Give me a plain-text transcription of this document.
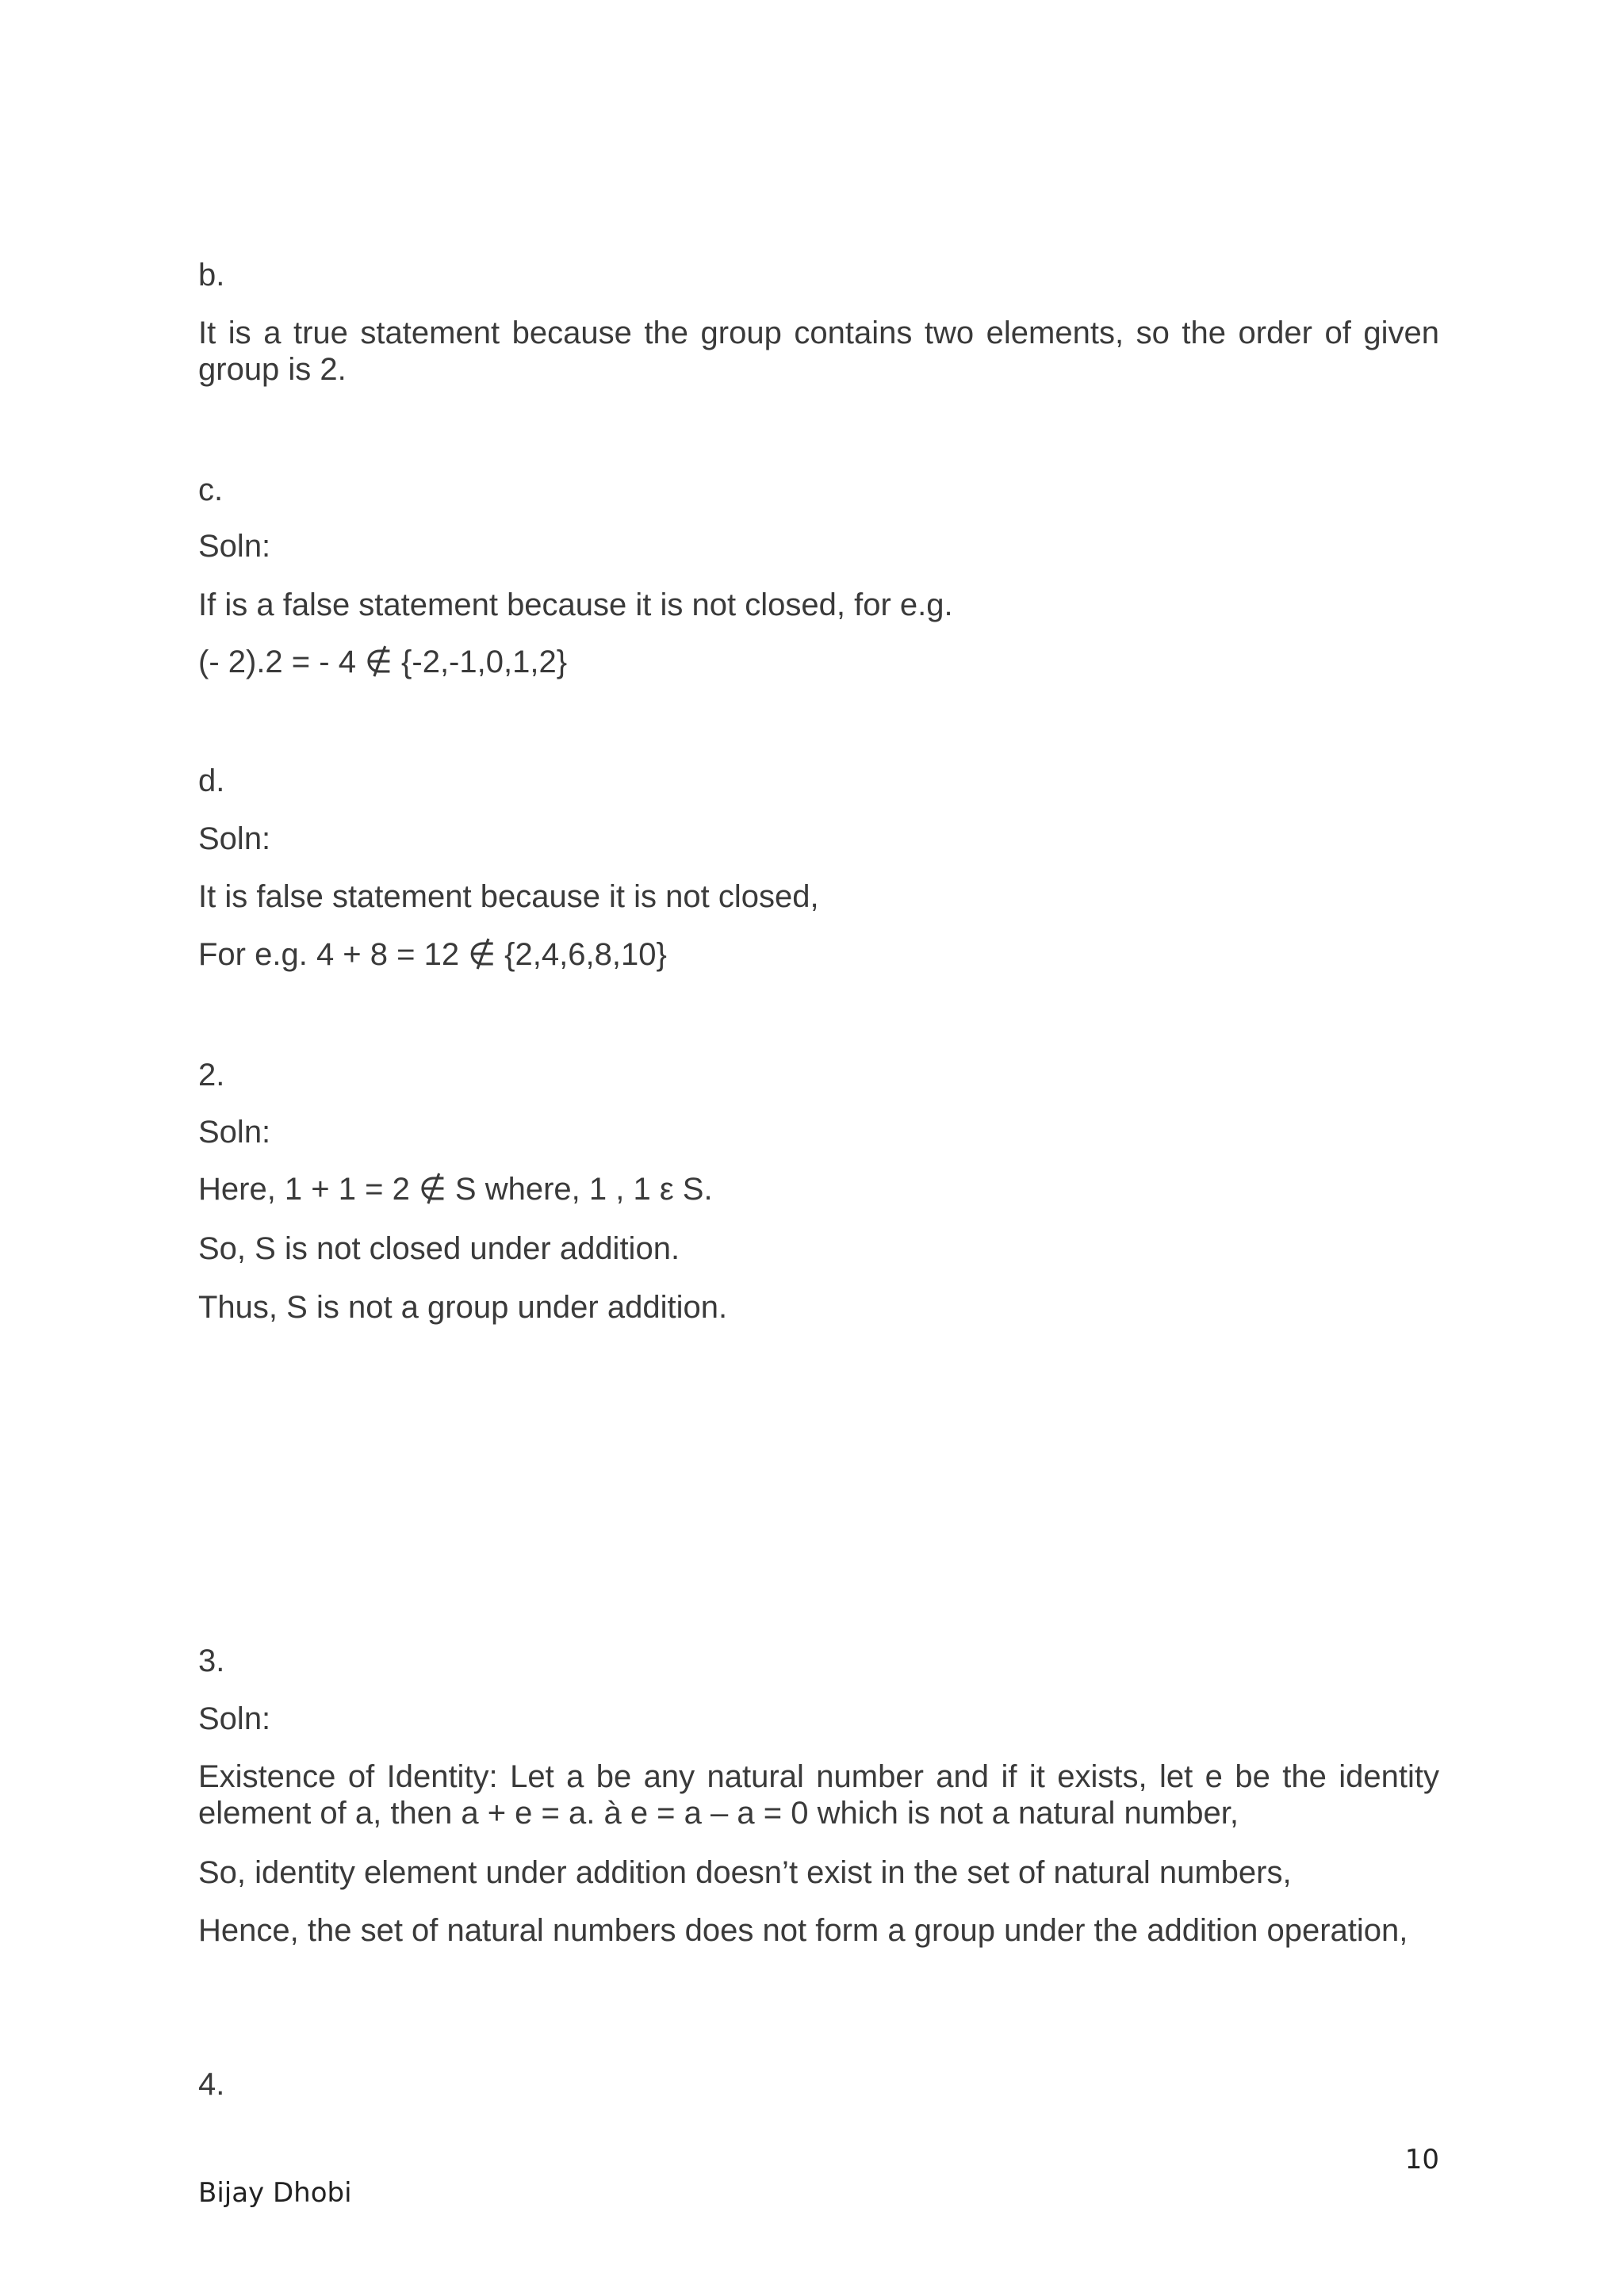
b.
It is a true statement because the group contains two elements, so the order of given group is 2.
c.
Soln:
If is a false statement because it is not closed, for e.g.
(- 2).2 = - 4 ∉ {-2,-1,0,1,2}
d.
Soln:
It is false statement because it is not closed,
For e.g. 4 + 8 = 12 ∉ {2,4,6,8,10}
2.
Soln:
Here, 1 + 1 = 2 ∉ S where, 1 , 1 ε S.
So, S is not closed under addition.
Thus, S is not a group under addition.
3.
Soln:
Existence of Identity: Let a be any natural number and if it exists, let e be the identity element of a, then a + e = a. à e = a – a = 0 which is not a natural number,
So, identity element under addition doesn’t exist in the set of natural numbers,
Hence, the set of natural numbers does not form a group under the addition operation,
4.
10
Bijay Dhobi
